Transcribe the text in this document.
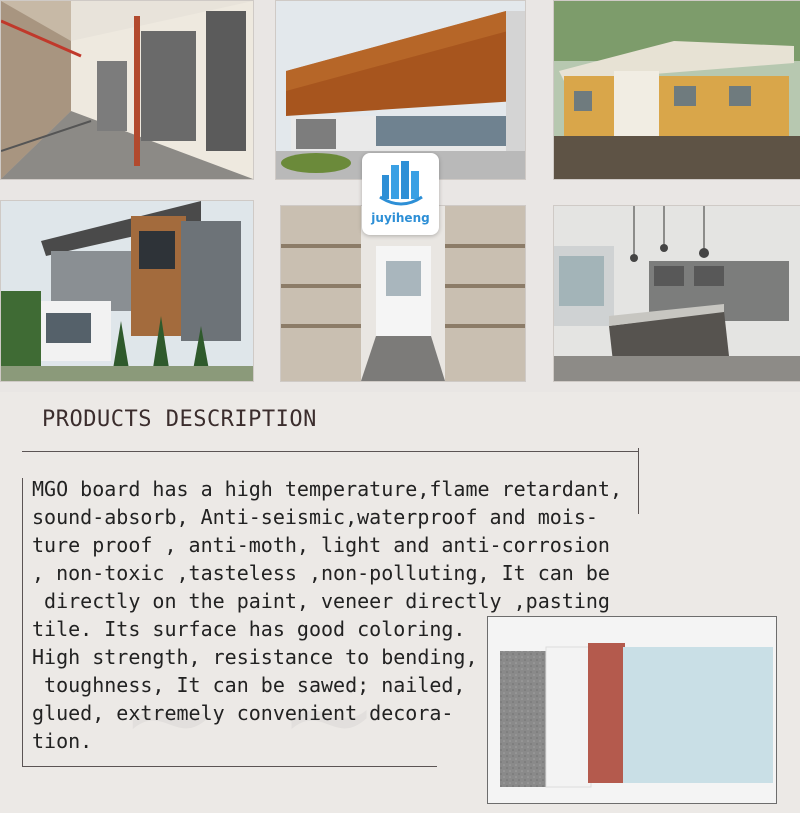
juyiheng
PRODUCTS DESCRIPTION
MGO board has a high temperature,flame retardant,
sound-absorb, Anti-seismic,waterproof and mois-
ture proof , anti-moth, light and anti-corrosion
, non-toxic ,tasteless ,non-polluting, It can be
directly on the paint, veneer directly ,pasting
tile. Its surface has good coloring.
High strength, resistance to bending,
toughness, It can be sawed; nailed,
glued, extremely convenient decora-
tion.
